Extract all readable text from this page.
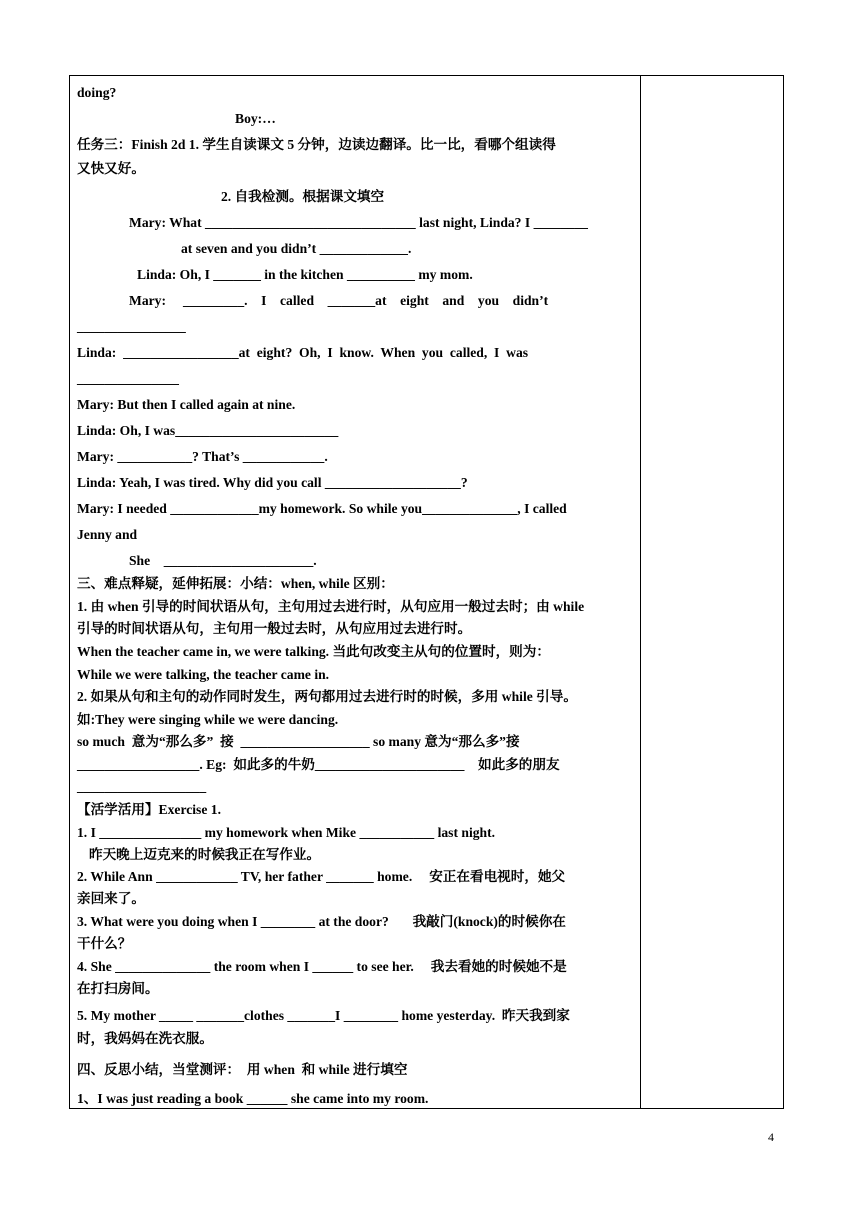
doing?
Boy:…
任务三：Finish 2d 1. 学生自读课文 5 分钟，边读边翻译。比一比，看哪个组读得
又快又好。
2. 自我检测。根据课文填空
Mary: What _______________________________ last night, Linda? I ________
at seven and you didn’t _____________.
Linda: Oh, I _______ in the kitchen __________ my mom.
Mary:     _________.    I    called    _______at    eight    and    you    didn’t
________________
Linda:  _________________at  eight?  Oh,  I  know.  When  you  called,  I  was
_______________
Mary: But then I called again at nine.
Linda: Oh, I was________________________
Mary: ___________? That’s ____________.
Linda: Yeah, I was tired. Why did you call ____________________?
Mary: I needed _____________my homework. So while you______________, I called
Jenny and
She    ______________________.
三、难点释疑，延伸拓展：小结：when, while 区别：
1. 由 when 引导的时间状语从句，主句用过去进行时，从句应用一般过去时；由 while
引导的时间状语从句，主句用一般过去时，从句应用过去进行时。
When the teacher came in, we were talking. 当此句改变主从句的位置时，则为：
While we were talking, the teacher came in.
2. 如果从句和主句的动作同时发生，两句都用过去进行时的时候，多用 while 引导。
如:They were singing while we were dancing.
so much  意为“那么多”  接  ___________________ so many 意为“那么多”接
__________________. Eg:  如此多的牛奶______________________    如此多的朋友
___________________
【活学活用】Exercise 1.
1. I _______________ my homework when Mike ___________ last night.
昨天晚上迈克来的时候我正在写作业。
2. While Ann ____________ TV, her father _______ home.     安正在看电视时，她父
亲回来了。
3. What were you doing when I ________ at the door?       我敲门(knock)的时候你在
干什么？
4. She ______________ the room when I ______ to see her.     我去看她的时候她不是
在打扫房间。
5. My mother _____ _______clothes _______I ________ home yesterday.  昨天我到家
时，我妈妈在洗衣服。
四、反思小结，当堂测评：  用 when  和 while 进行填空
1、I was just reading a book ______ she came into my room.
4
